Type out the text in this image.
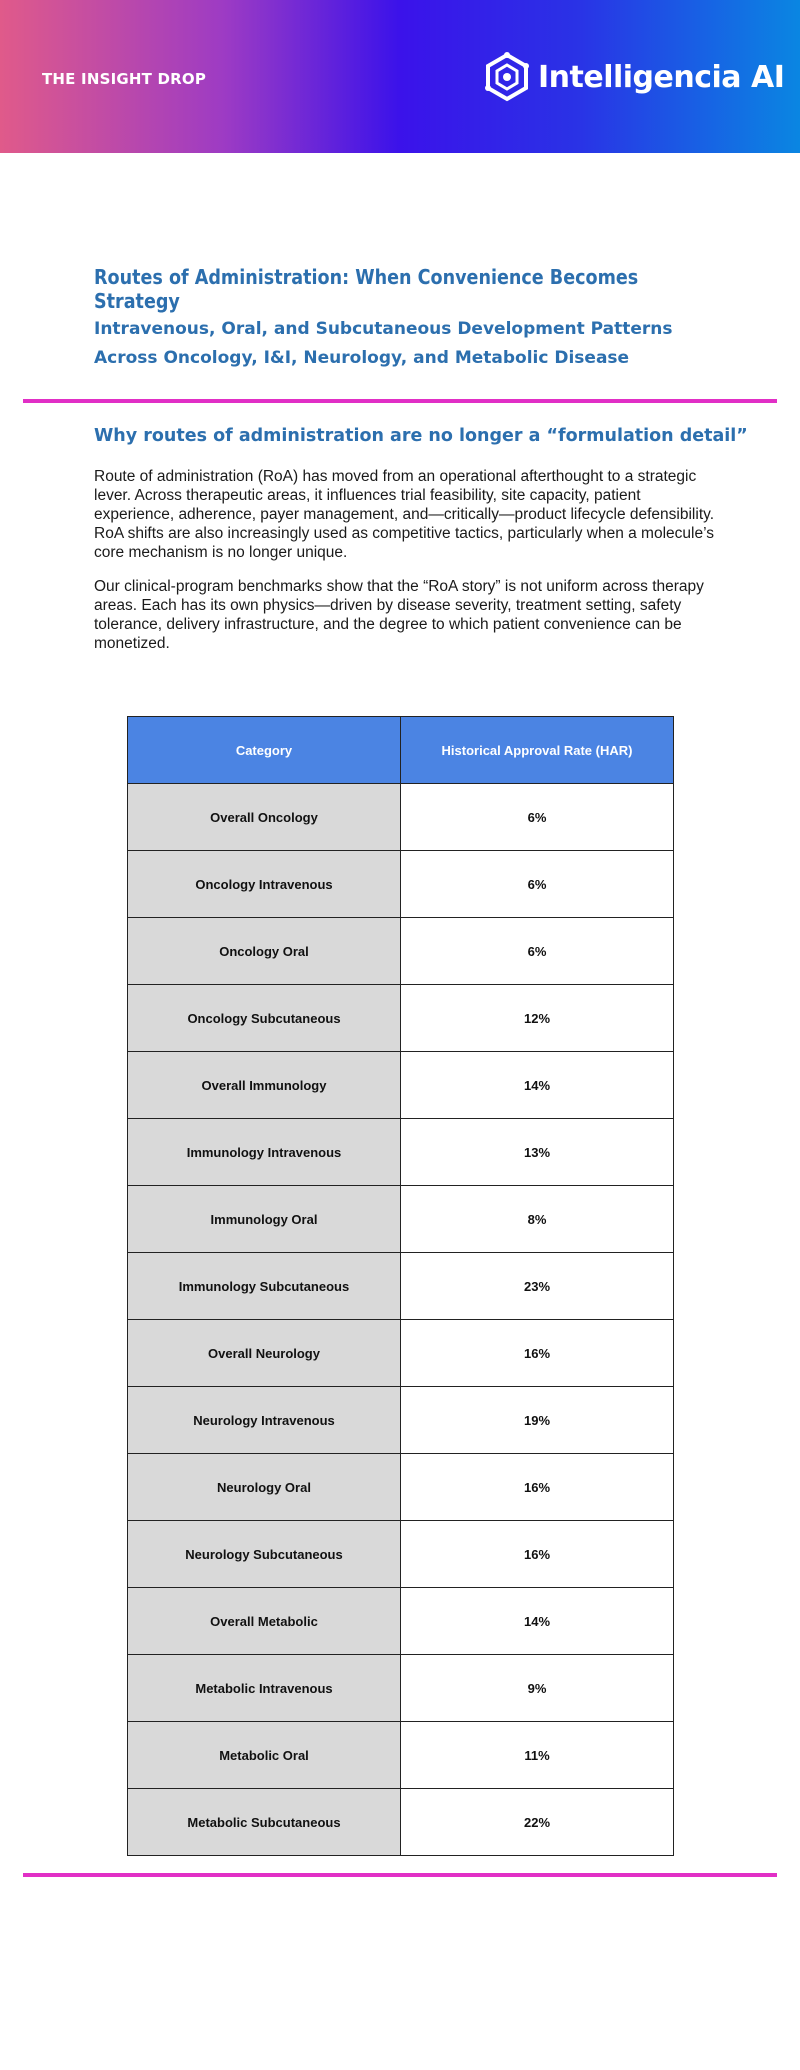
THE INSIGHT DROP	Intelligencia AI
Routes of Administration: When Convenience Becomes Strategy
Intravenous, Oral, and Subcutaneous Development Patterns Across Oncology, I&I, Neurology, and Metabolic Disease
Why routes of administration are no longer a “formulation detail”

Route of administration (RoA) has moved from an operational afterthought to a strategic lever. Across therapeutic areas, it influences trial feasibility, site capacity, patient experience, adherence, payer management, and—critically—product lifecycle defensibility. RoA shifts are also increasingly used as competitive tactics, particularly when a molecule’s core mechanism is no longer unique.

Our clinical-program benchmarks show that the “RoA story” is not uniform across therapy areas. Each has its own physics—driven by disease severity, treatment setting, safety tolerance, delivery infrastructure, and the degree to which patient convenience can be monetized.

Category	Historical Approval Rate (HAR)
Overall Oncology	6%
Oncology Intravenous	6%
Oncology Oral	6%
Oncology Subcutaneous	12%
Overall Immunology	14%
Immunology Intravenous	13%
Immunology Oral	8%
Immunology Subcutaneous	23%
Overall Neurology	16%
Neurology Intravenous	19%
Neurology Oral	16%
Neurology Subcutaneous	16%
Overall Metabolic	14%
Metabolic Intravenous	9%
Metabolic Oral	11%
Metabolic Subcutaneous	22%
